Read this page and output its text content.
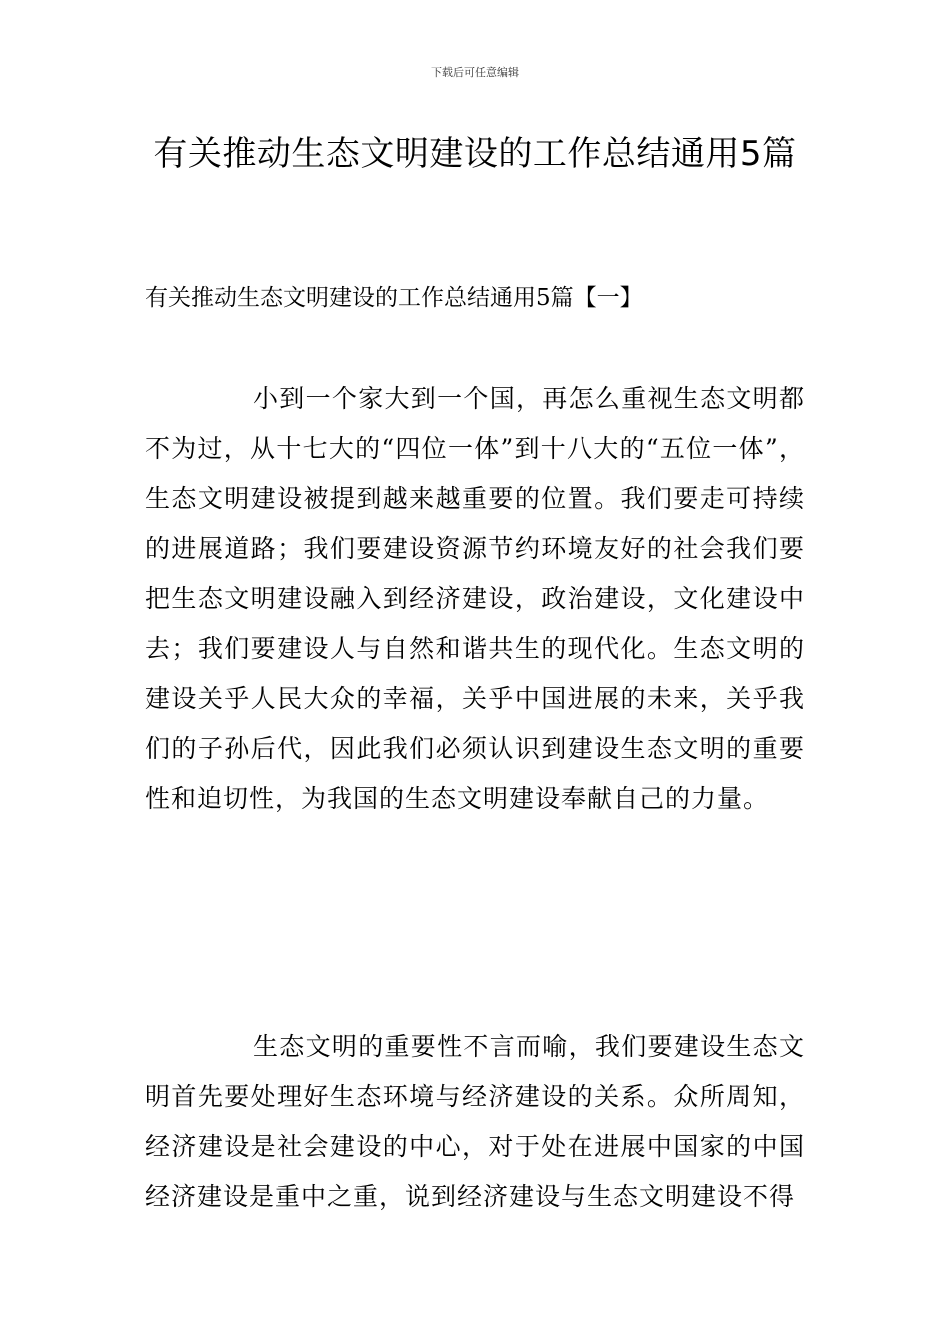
下载后可任意编辑
有关推动生态文明建设的工作总结通用5篇
有关推动生态文明建设的工作总结通用5篇【一】

小到一个家大到一个国，再怎么重视生态文明都不为过，从十七大的“四位一体”到十八大的“五位一体”，生态文明建设被提到越来越重要的位置。我们要走可持续的进展道路；我们要建设资源节约环境友好的社会我们要把生态文明建设融入到经济建设，政治建设，文化建设中去；我们要建设人与自然和谐共生的现代化。生态文明的建设关乎人民大众的幸福，关乎中国进展的未来，关乎我们的子孙后代，因此我们必须认识到建设生态文明的重要性和迫切性，为我国的生态文明建设奉献自己的力量。

生态文明的重要性不言而喻，我们要建设生态文明首先要处理好生态环境与经济建设的关系。众所周知，经济建设是社会建设的中心，对于处在进展中国家的中国经济建设是重中之重，说到经济建设与生态文明建设不得
